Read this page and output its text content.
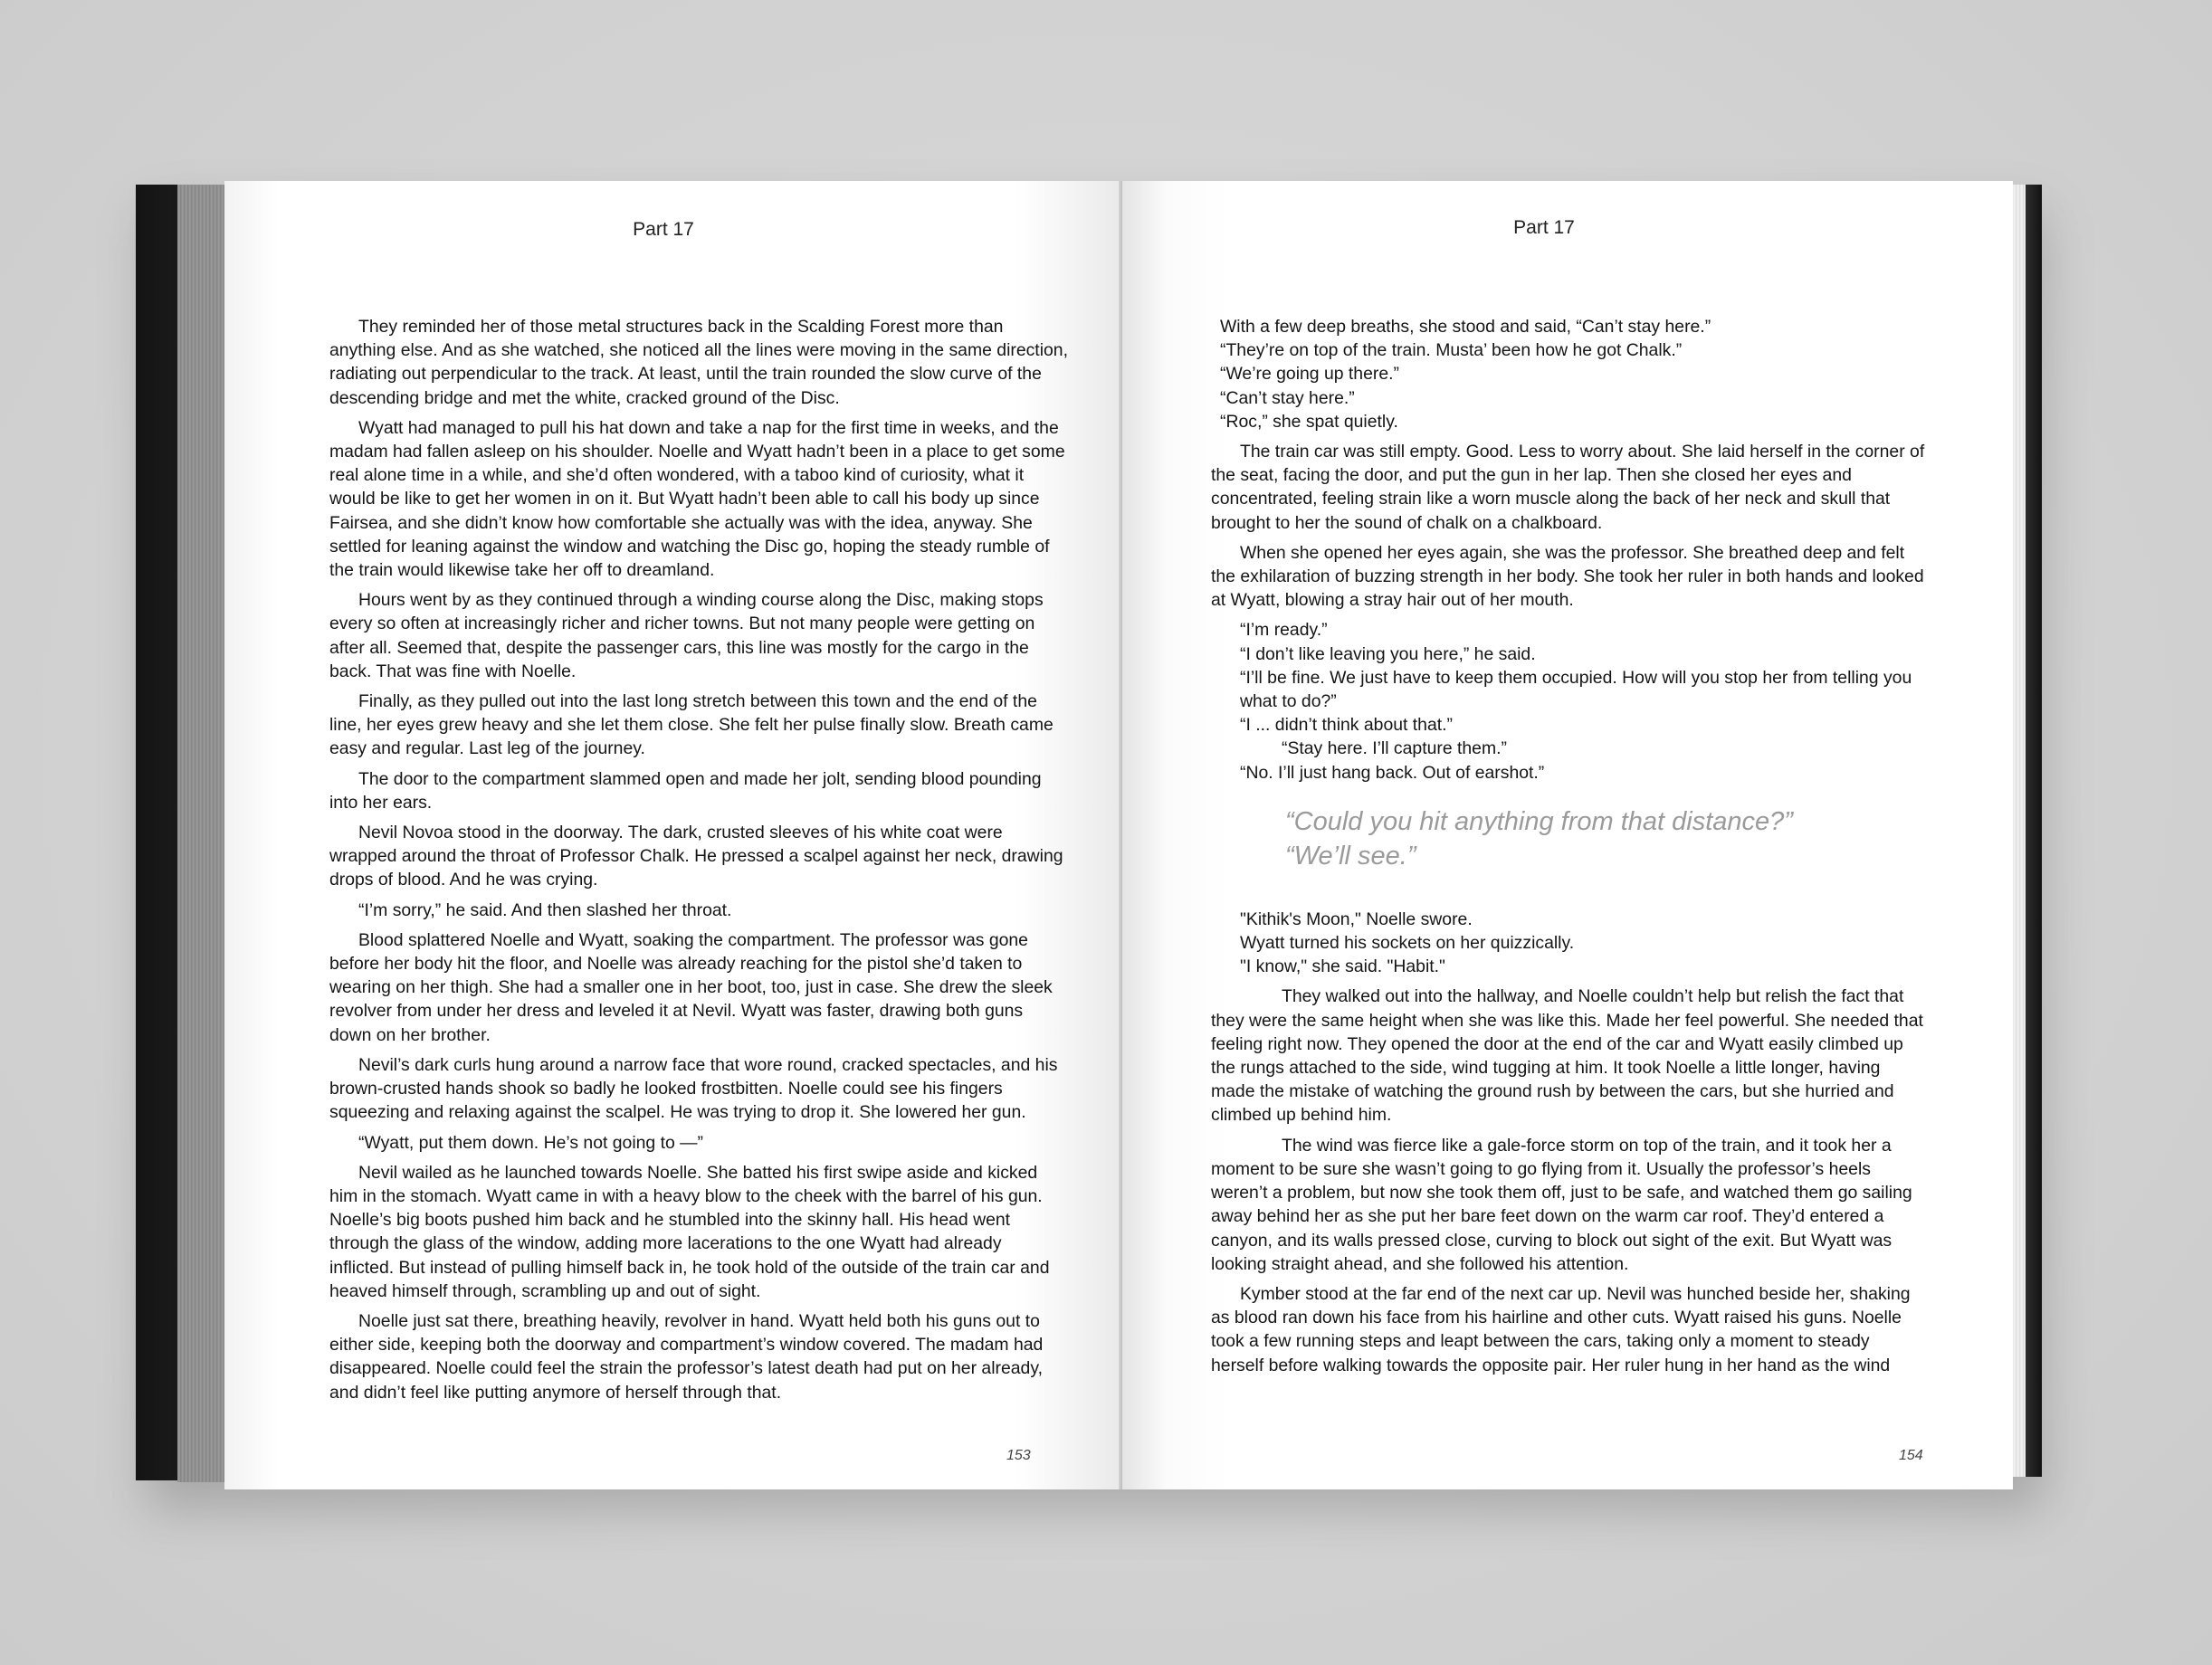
Part 17

They reminded her of those metal structures back in the Scalding Forest more than anything else. And as she watched, she noticed all the lines were moving in the same direction, radiating out perpendicular to the track. At least, until the train rounded the slow curve of the descending bridge and met the white, cracked ground of the Disc.

Wyatt had managed to pull his hat down and take a nap for the first time in weeks, and the madam had fallen asleep on his shoulder. Noelle and Wyatt hadn’t been in a place to get some real alone time in a while, and she’d often wondered, with a taboo kind of curiosity, what it would be like to get her women in on it. But Wyatt hadn’t been able to call his body up since Fairsea, and she didn’t know how comfortable she actually was with the idea, anyway. She settled for leaning against the window and watching the Disc go, hoping the steady rumble of the train would likewise take her off to dreamland.

Hours went by as they continued through a winding course along the Disc, making stops every so often at increasingly richer and richer towns. But not many people were getting on after all. Seemed that, despite the passenger cars, this line was mostly for the cargo in the back. That was fine with Noelle.

Finally, as they pulled out into the last long stretch between this town and the end of the line, her eyes grew heavy and she let them close. She felt her pulse finally slow. Breath came easy and regular. Last leg of the journey.

The door to the compartment slammed open and made her jolt, sending blood pounding into her ears.

Nevil Novoa stood in the doorway. The dark, crusted sleeves of his white coat were wrapped around the throat of Professor Chalk. He pressed a scalpel against her neck, drawing drops of blood. And he was crying.

“I’m sorry,” he said. And then slashed her throat.

Blood splattered Noelle and Wyatt, soaking the compartment. The professor was gone before her body hit the floor, and Noelle was already reaching for the pistol she’d taken to wearing on her thigh. She had a smaller one in her boot, too, just in case. She drew the sleek revolver from under her dress and leveled it at Nevil. Wyatt was faster, drawing both guns down on her brother.

Nevil’s dark curls hung around a narrow face that wore round, cracked spectacles, and his brown-crusted hands shook so badly he looked frostbitten. Noelle could see his fingers squeezing and relaxing against the scalpel. He was trying to drop it. She lowered her gun.

“Wyatt, put them down. He’s not going to —”

Nevil wailed as he launched towards Noelle. She batted his first swipe aside and kicked him in the stomach. Wyatt came in with a heavy blow to the cheek with the barrel of his gun. Noelle’s big boots pushed him back and he stumbled into the skinny hall. His head went through the glass of the window, adding more lacerations to the one Wyatt had already inflicted. But instead of pulling himself back in, he took hold of the outside of the train car and heaved himself through, scrambling up and out of sight.

Noelle just sat there, breathing heavily, revolver in hand. Wyatt held both his guns out to either side, keeping both the doorway and compartment’s window covered. The madam had disappeared. Noelle could feel the strain the professor’s latest death had put on her already, and didn’t feel like putting anymore of herself through that.

153
Part 17

With a few deep breaths, she stood and said, “Can’t stay here.”

“They’re on top of the train. Musta’ been how he got Chalk.”

“We’re going up there.”

“Can’t stay here.”

“Roc,” she spat quietly.

The train car was still empty. Good. Less to worry about. She laid herself in the corner of the seat, facing the door, and put the gun in her lap. Then she closed her eyes and concentrated, feeling strain like a worn muscle along the back of her neck and skull that brought to her the sound of chalk on a chalkboard.

When she opened her eyes again, she was the professor. She breathed deep and felt the exhilaration of buzzing strength in her body. She took her ruler in both hands and looked at Wyatt, blowing a stray hair out of her mouth.

“I’m ready.”

“I don’t like leaving you here,” he said.

“I’ll be fine. We just have to keep them occupied. How will you stop her from telling you what to do?”

“I ... didn’t think about that.”

“Stay here. I’ll capture them.”

“No. I’ll just hang back. Out of earshot.”

“Could you hit anything from that distance?”
“We’ll see.”

"Kithik's Moon," Noelle swore.

Wyatt turned his sockets on her quizzically.

"I know," she said. "Habit."

They walked out into the hallway, and Noelle couldn’t help but relish the fact that they were the same height when she was like this. Made her feel powerful. She needed that feeling right now. They opened the door at the end of the car and Wyatt easily climbed up the rungs attached to the side, wind tugging at him. It took Noelle a little longer, having made the mistake of watching the ground rush by between the cars, but she hurried and climbed up behind him.

The wind was fierce like a gale-force storm on top of the train, and it took her a moment to be sure she wasn’t going to go flying from it. Usually the professor’s heels weren’t a problem, but now she took them off, just to be safe, and watched them go sailing away behind her as she put her bare feet down on the warm car roof. They’d entered a canyon, and its walls pressed close, curving to block out sight of the exit. But Wyatt was looking straight ahead, and she followed his attention.

Kymber stood at the far end of the next car up. Nevil was hunched beside her, shaking as blood ran down his face from his hairline and other cuts. Wyatt raised his guns. Noelle took a few running steps and leapt between the cars, taking only a moment to steady herself before walking towards the opposite pair. Her ruler hung in her hand as the wind

154
